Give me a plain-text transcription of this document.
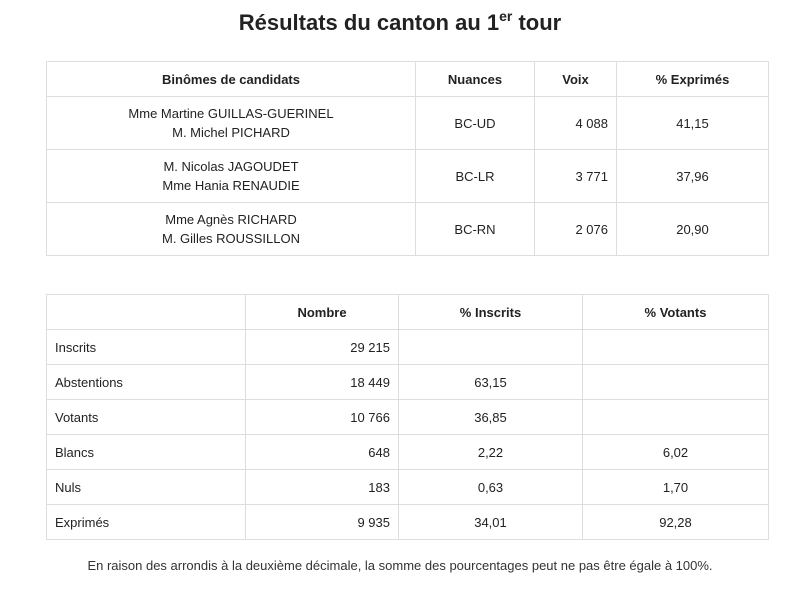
Résultats du canton au 1er tour
Binômes de candidats	Nuances	Voix	% Exprimés

Mme Martine GUILLAS-GUERINEL
M. Michel PICHARD	BC-UD	4 088	41,15

M. Nicolas JAGOUDET
Mme Hania RENAUDIE	BC-LR	3 771	37,96

Mme Agnès RICHARD
M. Gilles ROUSSILLON	BC-RN	2 076	20,90
	Nombre	% Inscrits	% Votants
Inscrits	29 215		
Abstentions	18 449	63,15	
Votants	10 766	36,85	
Blancs	648	2,22	6,02
Nuls	183	0,63	1,70
Exprimés	9 935	34,01	92,28

En raison des arrondis à la deuxième décimale, la somme des pourcentages peut ne pas être égale à 100%.
